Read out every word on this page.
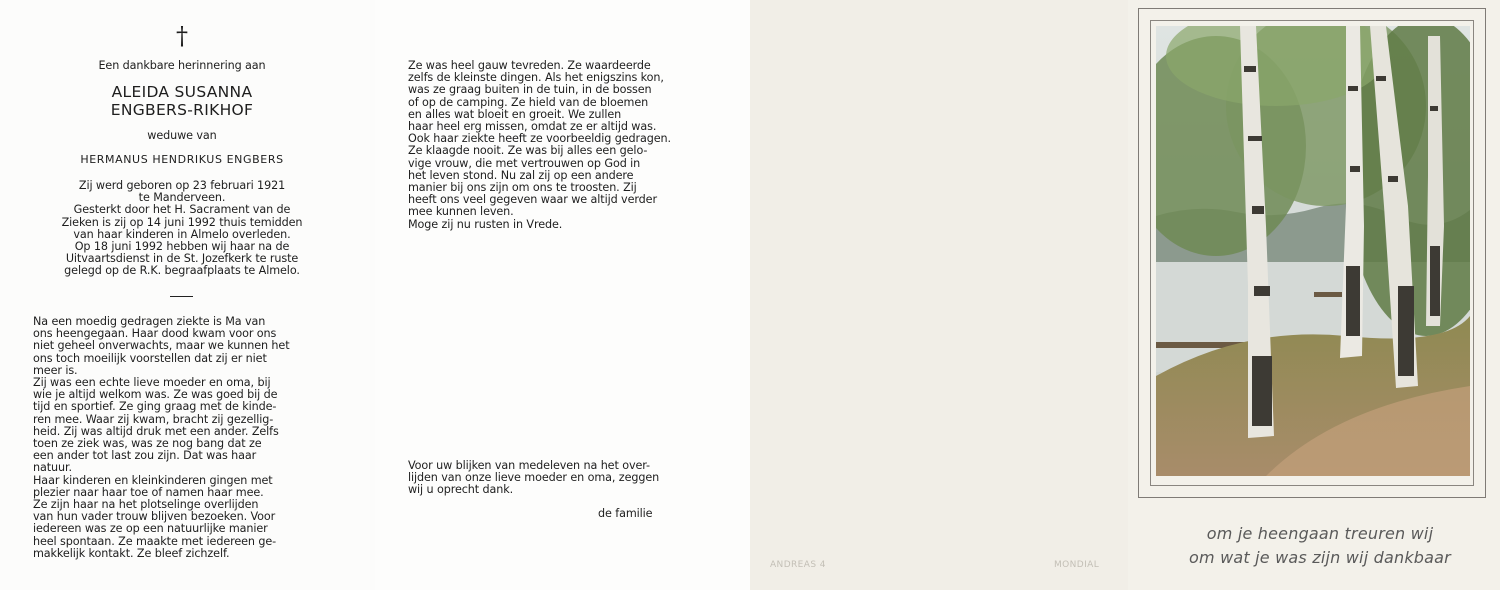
†
Een dankbare herinnering aan
ALEIDA SUSANNA
ENGBERS-RIKHOF
weduwe van
HERMANUS HENDRIKUS ENGBERS
Zij werd geboren op 23 februari 1921
te Manderveen.
Gesterkt door het H. Sacrament van de
Zieken is zij op 14 juni 1992 thuis temidden
van haar kinderen in Almelo overleden.
Op 18 juni 1992 hebben wij haar na de
Uitvaartsdienst in de St. Jozefkerk te ruste
gelegd op de R.K. begraafplaats te Almelo.
Na een moedig gedragen ziekte is Ma van
ons heengegaan. Haar dood kwam voor ons
niet geheel onverwachts, maar we kunnen het
ons toch moeilijk voorstellen dat zij er niet
meer is.
Zij was een echte lieve moeder en oma, bij
wie je altijd welkom was. Ze was goed bij de
tijd en sportief. Ze ging graag met de kinde-
ren mee. Waar zij kwam, bracht zij gezellig-
heid. Zij was altijd druk met een ander. Zelfs
toen ze ziek was, was ze nog bang dat ze
een ander tot last zou zijn. Dat was haar
natuur.
Haar kinderen en kleinkinderen gingen met
plezier naar haar toe of namen haar mee.
Ze zijn haar na het plotselinge overlijden
van hun vader trouw blijven bezoeken. Voor
iedereen was ze op een natuurlijke manier
heel spontaan. Ze maakte met iedereen ge-
makkelijk kontakt. Ze bleef zichzelf.
Ze was heel gauw tevreden. Ze waardeerde
zelfs de kleinste dingen. Als het enigszins kon,
was ze graag buiten in de tuin, in de bossen
of op de camping. Ze hield van de bloemen
en alles wat bloeit en groeit. We zullen
haar heel erg missen, omdat ze er altijd was.
Ook haar ziekte heeft ze voorbeeldig gedragen.
Ze klaagde nooit. Ze was bij alles een gelo-
vige vrouw, die met vertrouwen op God in
het leven stond. Nu zal zij op een andere
manier bij ons zijn om ons te troosten. Zij
heeft ons veel gegeven waar we altijd verder
mee kunnen leven.
Moge zij nu rusten in Vrede.
Voor uw blijken van medeleven na het over-
lijden van onze lieve moeder en oma, zeggen
wij u oprecht dank.
de familie
ANDREAS 4	MONDIAL
om je heengaan treuren wij
om wat je was zijn wij dankbaar
